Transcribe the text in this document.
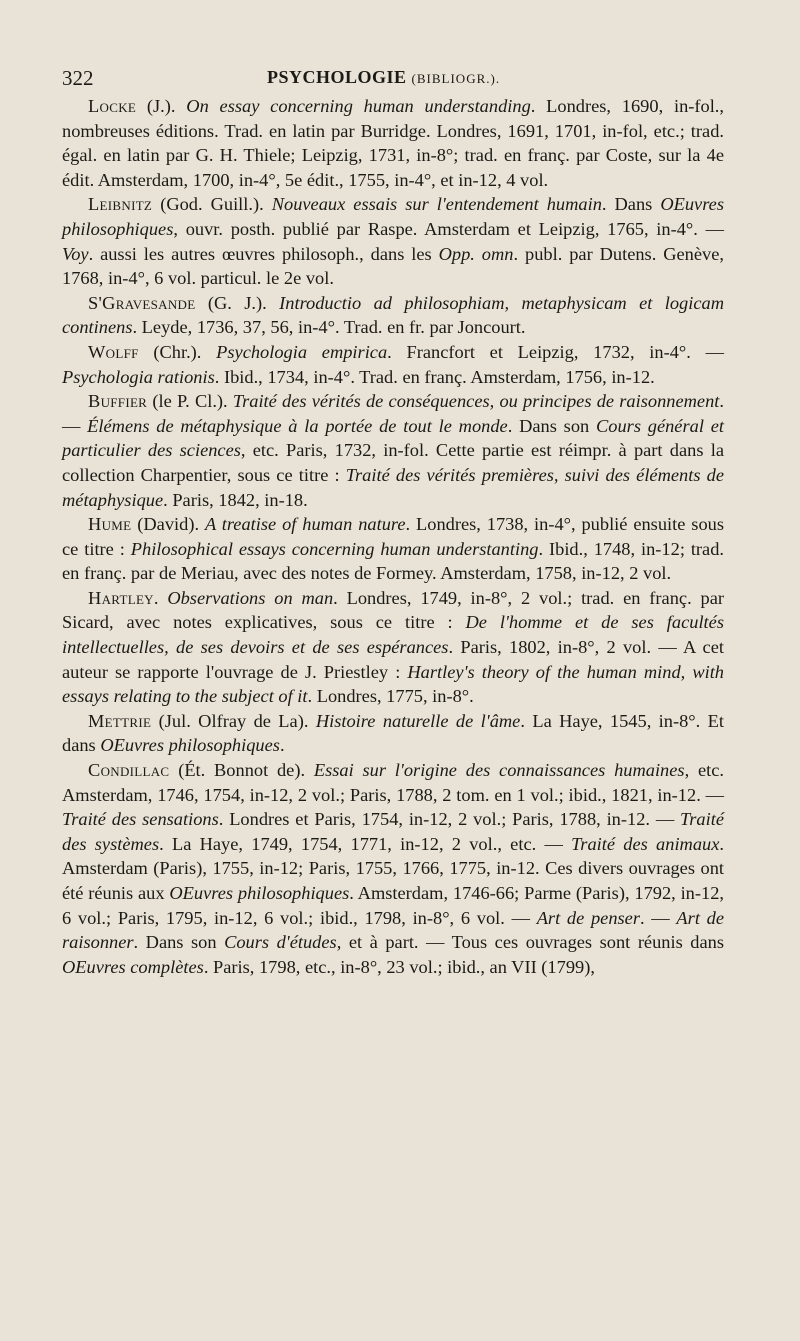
322	PSYCHOLOGIE (BIBLIOGR.).

Locke (J.). On essay concerning human understanding. Londres, 1690, in-fol., nombreuses éditions. Trad. en latin par Burridge. Londres, 1691, 1701, in-fol, etc.; trad. égal. en latin par G. H. Thiele; Leipzig, 1731, in-8°; trad. en franç. par Coste, sur la 4e édit. Amsterdam, 1700, in-4°, 5e édit., 1755, in-4°, et in-12, 4 vol.

Leibnitz (God. Guill.). Nouveaux essais sur l'entendement humain. Dans OEuvres philosophiques, ouvr. posth. publié par Raspe. Amsterdam et Leipzig, 1765, in-4°. — Voy. aussi les autres œuvres philosoph., dans les Opp. omn. publ. par Dutens. Genève, 1768, in-4°, 6 vol. particul. le 2e vol.

S'Gravesande (G. J.). Introductio ad philosophiam, metaphysicam et logicam continens. Leyde, 1736, 37, 56, in-4°. Trad. en fr. par Joncourt.

Wolff (Chr.). Psychologia empirica. Francfort et Leipzig, 1732, in-4°. — Psychologia rationis. Ibid., 1734, in-4°. Trad. en franç. Amsterdam, 1756, in-12.

Buffier (le P. Cl.). Traité des vérités de conséquences, ou principes de raisonnement. — Élémens de métaphysique à la portée de tout le monde. Dans son Cours général et particulier des sciences, etc. Paris, 1732, in-fol. Cette partie est réimpr. à part dans la collection Charpentier, sous ce titre : Traité des vérités premières, suivi des éléments de métaphysique. Paris, 1842, in-18.

Hume (David). A treatise of human nature. Londres, 1738, in-4°, publié ensuite sous ce titre : Philosophical essays concerning human understanting. Ibid., 1748, in-12; trad. en franç. par de Meriau, avec des notes de Formey. Amsterdam, 1758, in-12, 2 vol.

Hartley. Observations on man. Londres, 1749, in-8°, 2 vol.; trad. en franç. par Sicard, avec notes explicatives, sous ce titre : De l'homme et de ses facultés intellectuelles, de ses devoirs et de ses espérances. Paris, 1802, in-8°, 2 vol. — A cet auteur se rapporte l'ouvrage de J. Priestley : Hartley's theory of the human mind, with essays relating to the subject of it. Londres, 1775, in-8°.

Mettrie (Jul. Olfray de La). Histoire naturelle de l'âme. La Haye, 1545, in-8°. Et dans OEuvres philosophiques.

Condillac (Ét. Bonnot de). Essai sur l'origine des connaissances humaines, etc. Amsterdam, 1746, 1754, in-12, 2 vol.; Paris, 1788, 2 tom. en 1 vol.; ibid., 1821, in-12. — Traité des sensations. Londres et Paris, 1754, in-12, 2 vol.; Paris, 1788, in-12. — Traité des systèmes. La Haye, 1749, 1754, 1771, in-12, 2 vol., etc. — Traité des animaux. Amsterdam (Paris), 1755, in-12; Paris, 1755, 1766, 1775, in-12. Ces divers ouvrages ont été réunis aux OEuvres philosophiques. Amsterdam, 1746-66; Parme (Paris), 1792, in-12, 6 vol.; Paris, 1795, in-12, 6 vol.; ibid., 1798, in-8°, 6 vol. — Art de penser. — Art de raisonner. Dans son Cours d'études, et à part. — Tous ces ouvrages sont réunis dans OEuvres complètes. Paris, 1798, etc., in-8°, 23 vol.; ibid., an VII (1799),
